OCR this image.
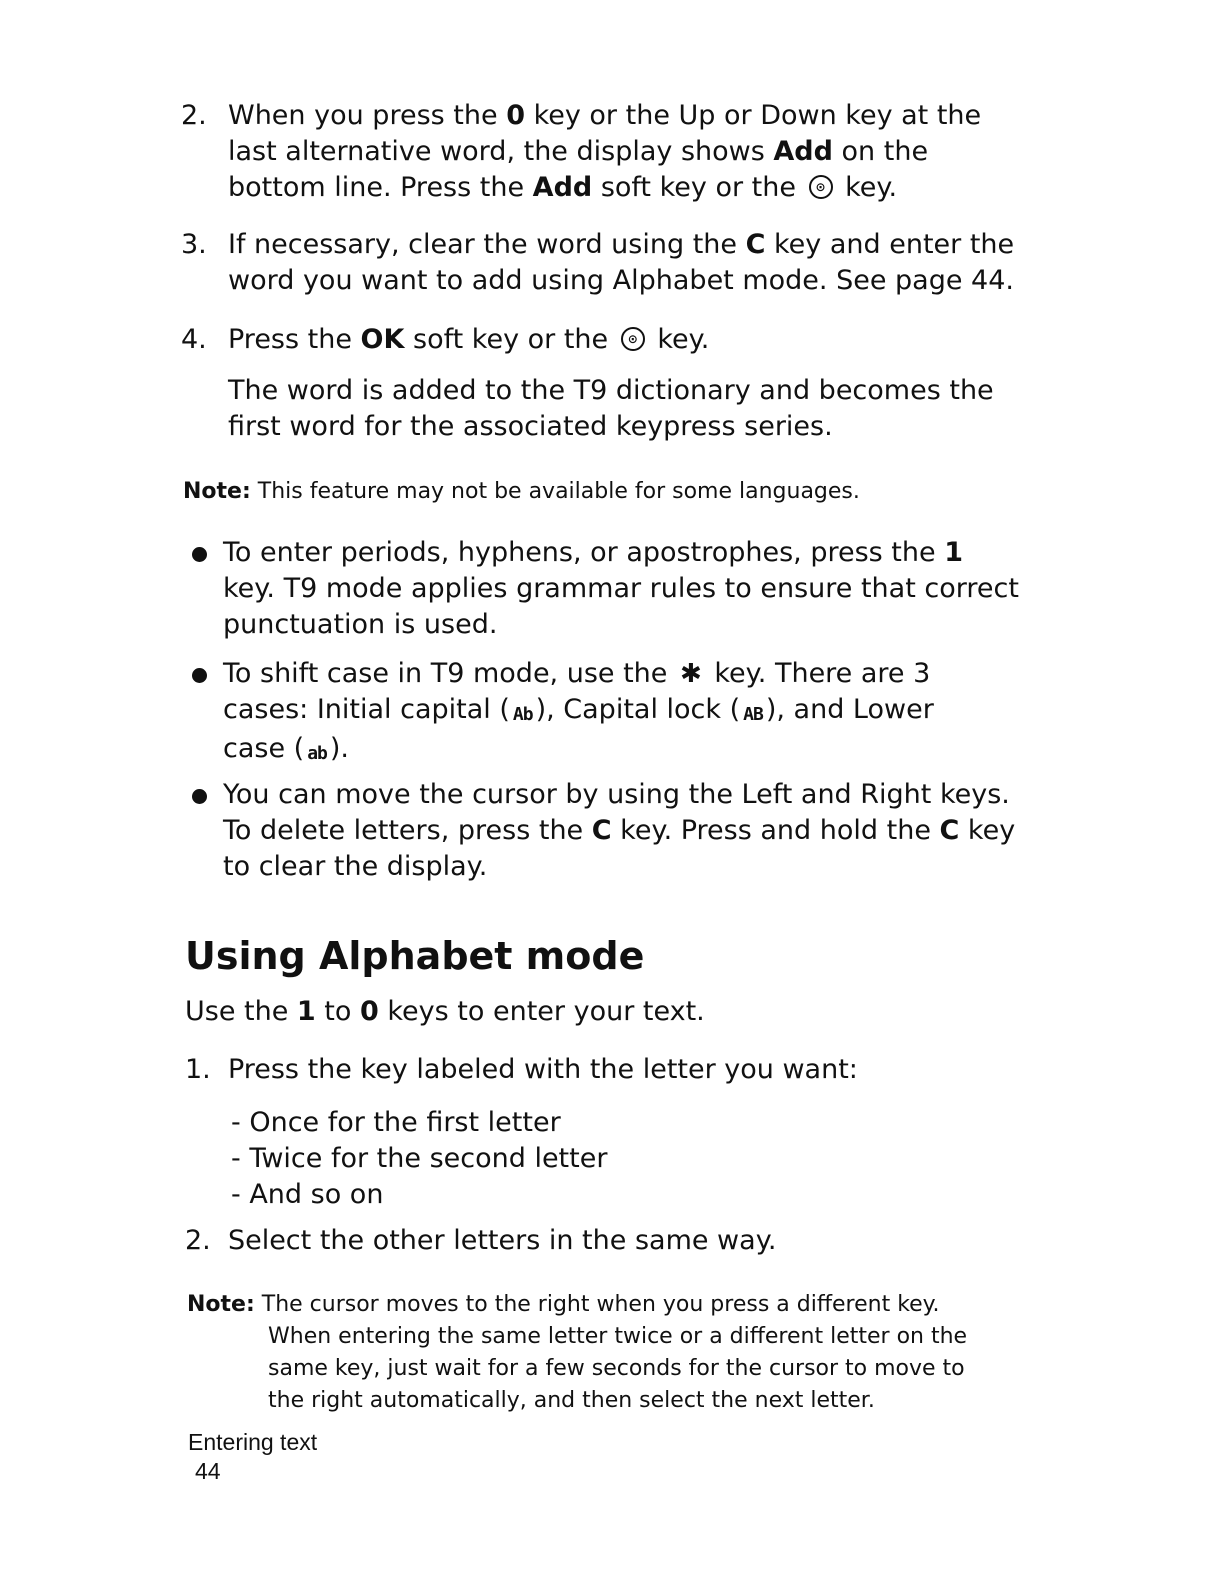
2. When you press the 0 key or the Up or Down key at the
last alternative word, the display shows Add on the
bottom line. Press the Add soft key or the ⊙ key.
3. If necessary, clear the word using the C key and enter the
word you want to add using Alphabet mode. See page 44.
4. Press the OK soft key or the ⊙ key.
The word is added to the T9 dictionary and becomes the
first word for the associated keypress series.
Note: This feature may not be available for some languages.
To enter periods, hyphens, or apostrophes, press the 1
key. T9 mode applies grammar rules to ensure that correct
punctuation is used.
To shift case in T9 mode, use the ✱ key. There are 3
cases: Initial capital ( Ab ), Capital lock ( AB ), and Lower
case ( ab ).
You can move the cursor by using the Left and Right keys.
To delete letters, press the C key. Press and hold the C key
to clear the display.
Using Alphabet mode
Use the 1 to 0 keys to enter your text.
1. Press the key labeled with the letter you want:
- Once for the first letter
- Twice for the second letter
- And so on
2. Select the other letters in the same way.
Note: The cursor moves to the right when you press a different key.
When entering the same letter twice or a different letter on the
same key, just wait for a few seconds for the cursor to move to
the right automatically, and then select the next letter.
Entering text
44
